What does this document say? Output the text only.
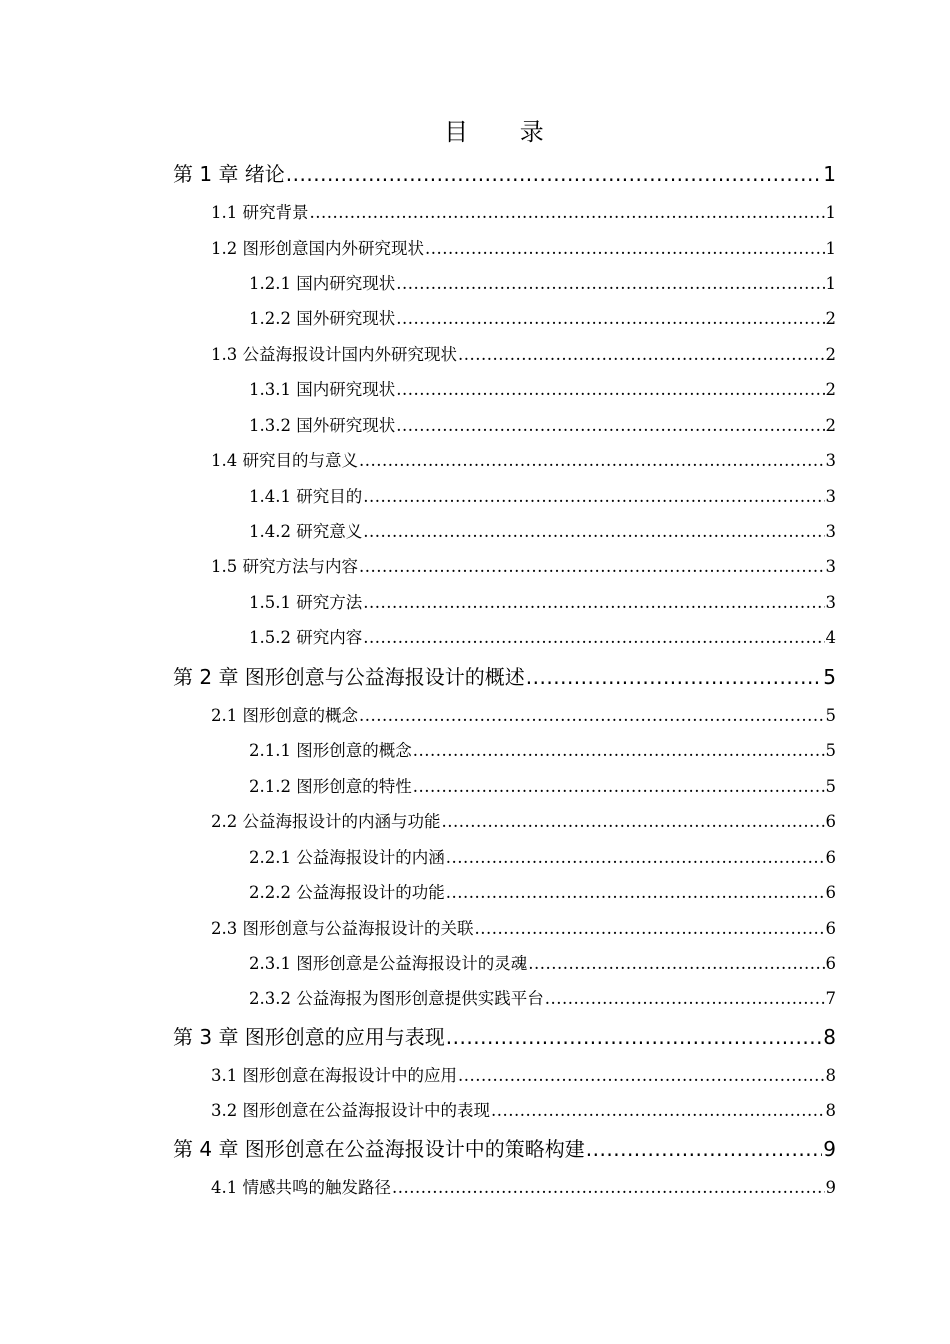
目 录
第 1 章 绪论 .....	1
1.1 研究背景 .....	1
1.2 图形创意国内外研究现状 .....	1
1.2.1 国内研究现状 .....	1
1.2.2 国外研究现状 .....	2
1.3 公益海报设计国内外研究现状 .....	2
1.3.1 国内研究现状 .....	2
1.3.2 国外研究现状 .....	2
1.4 研究目的与意义 .....	3
1.4.1 研究目的 .....	3
1.4.2 研究意义 .....	3
1.5 研究方法与内容 .....	3
1.5.1 研究方法 .....	3
1.5.2 研究内容 .....	4
第 2 章 图形创意与公益海报设计的概述 .....	5
2.1 图形创意的概念 .....	5
2.1.1 图形创意的概念 .....	5
2.1.2 图形创意的特性 .....	5
2.2 公益海报设计的内涵与功能 .....	6
2.2.1 公益海报设计的内涵 .....	6
2.2.2 公益海报设计的功能 .....	6
2.3 图形创意与公益海报设计的关联 .....	6
2.3.1 图形创意是公益海报设计的灵魂 .....	6
2.3.2 公益海报为图形创意提供实践平台 .....	7
第 3 章 图形创意的应用与表现 .....	8
3.1 图形创意在海报设计中的应用 .....	8
3.2 图形创意在公益海报设计中的表现 .....	8
第 4 章 图形创意在公益海报设计中的策略构建 .....	9
4.1 情感共鸣的触发路径 .....	9
